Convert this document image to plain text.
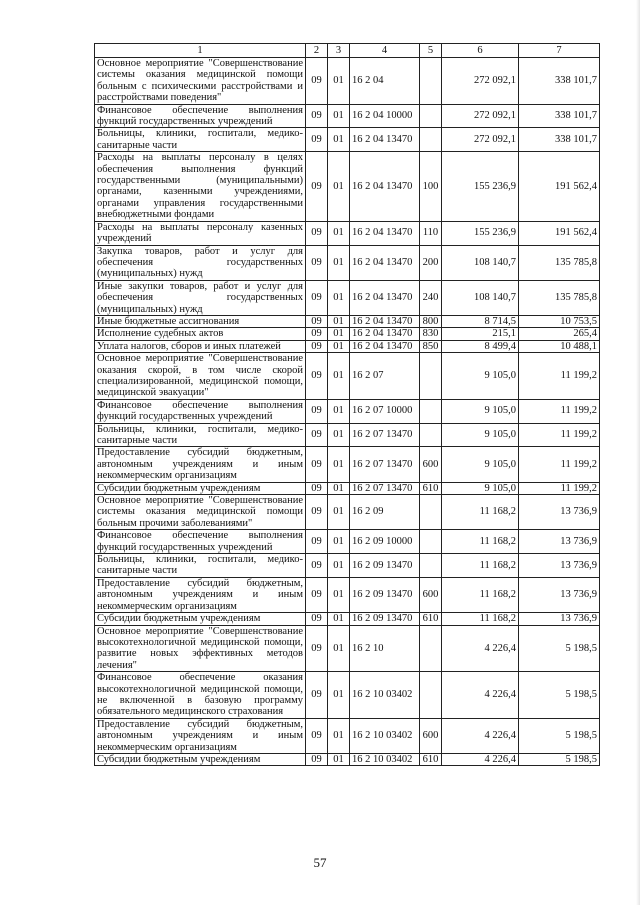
1	2	3	4	5	6	7
Основное мероприятие "Совершенствование системы оказания медицинской помощи больным с психическими расстройствами и расстройствами поведения"	09	01	16 2 04		272 092,1	338 101,7
Финансовое обеспечение выполнения функций государственных учреждений	09	01	16 2 04 10000		272 092,1	338 101,7
Больницы, клиники, госпитали, медико-санитарные части	09	01	16 2 04 13470		272 092,1	338 101,7
Расходы на выплаты персоналу в целях обеспечения выполнения функций государственными (муниципальными) органами, казенными учреждениями, органами управления государственными внебюджетными фондами	09	01	16 2 04 13470	100	155 236,9	191 562,4
Расходы на выплаты персоналу казенных учреждений	09	01	16 2 04 13470	110	155 236,9	191 562,4
Закупка товаров, работ и услуг для обеспечения государственных (муниципальных) нужд	09	01	16 2 04 13470	200	108 140,7	135 785,8
Иные закупки товаров, работ и услуг для обеспечения государственных (муниципальных) нужд	09	01	16 2 04 13470	240	108 140,7	135 785,8
Иные бюджетные ассигнования	09	01	16 2 04 13470	800	8 714,5	10 753,5
Исполнение судебных актов	09	01	16 2 04 13470	830	215,1	265,4
Уплата налогов, сборов и иных платежей	09	01	16 2 04 13470	850	8 499,4	10 488,1
Основное мероприятие "Совершенствование оказания скорой, в том числе скорой специализированной, медицинской помощи, медицинской эвакуации"	09	01	16 2 07		9 105,0	11 199,2
Финансовое обеспечение выполнения функций государственных учреждений	09	01	16 2 07 10000		9 105,0	11 199,2
Больницы, клиники, госпитали, медико-санитарные части	09	01	16 2 07 13470		9 105,0	11 199,2
Предоставление субсидий бюджетным, автономным учреждениям и иным некоммерческим организациям	09	01	16 2 07 13470	600	9 105,0	11 199,2
Субсидии бюджетным учреждениям	09	01	16 2 07 13470	610	9 105,0	11 199,2
Основное мероприятие "Совершенствование системы оказания медицинской помощи больным прочими заболеваниями"	09	01	16 2 09		11 168,2	13 736,9
Финансовое обеспечение выполнения функций государственных учреждений	09	01	16 2 09 10000		11 168,2	13 736,9
Больницы, клиники, госпитали, медико-санитарные части	09	01	16 2 09 13470		11 168,2	13 736,9
Предоставление субсидий бюджетным, автономным учреждениям и иным некоммерческим организациям	09	01	16 2 09 13470	600	11 168,2	13 736,9
Субсидии бюджетным учреждениям	09	01	16 2 09 13470	610	11 168,2	13 736,9
Основное мероприятие "Совершенствование высокотехнологичной медицинской помощи, развитие новых эффективных методов лечения"	09	01	16 2 10		4 226,4	5 198,5
Финансовое обеспечение оказания высокотехнологичной медицинской помощи, не включенной в базовую программу обязательного медицинского страхования	09	01	16 2 10 03402		4 226,4	5 198,5
Предоставление субсидий бюджетным, автономным учреждениям и иным некоммерческим организациям	09	01	16 2 10 03402	600	4 226,4	5 198,5
Субсидии бюджетным учреждениям	09	01	16 2 10 03402	610	4 226,4	5 198,5
57
